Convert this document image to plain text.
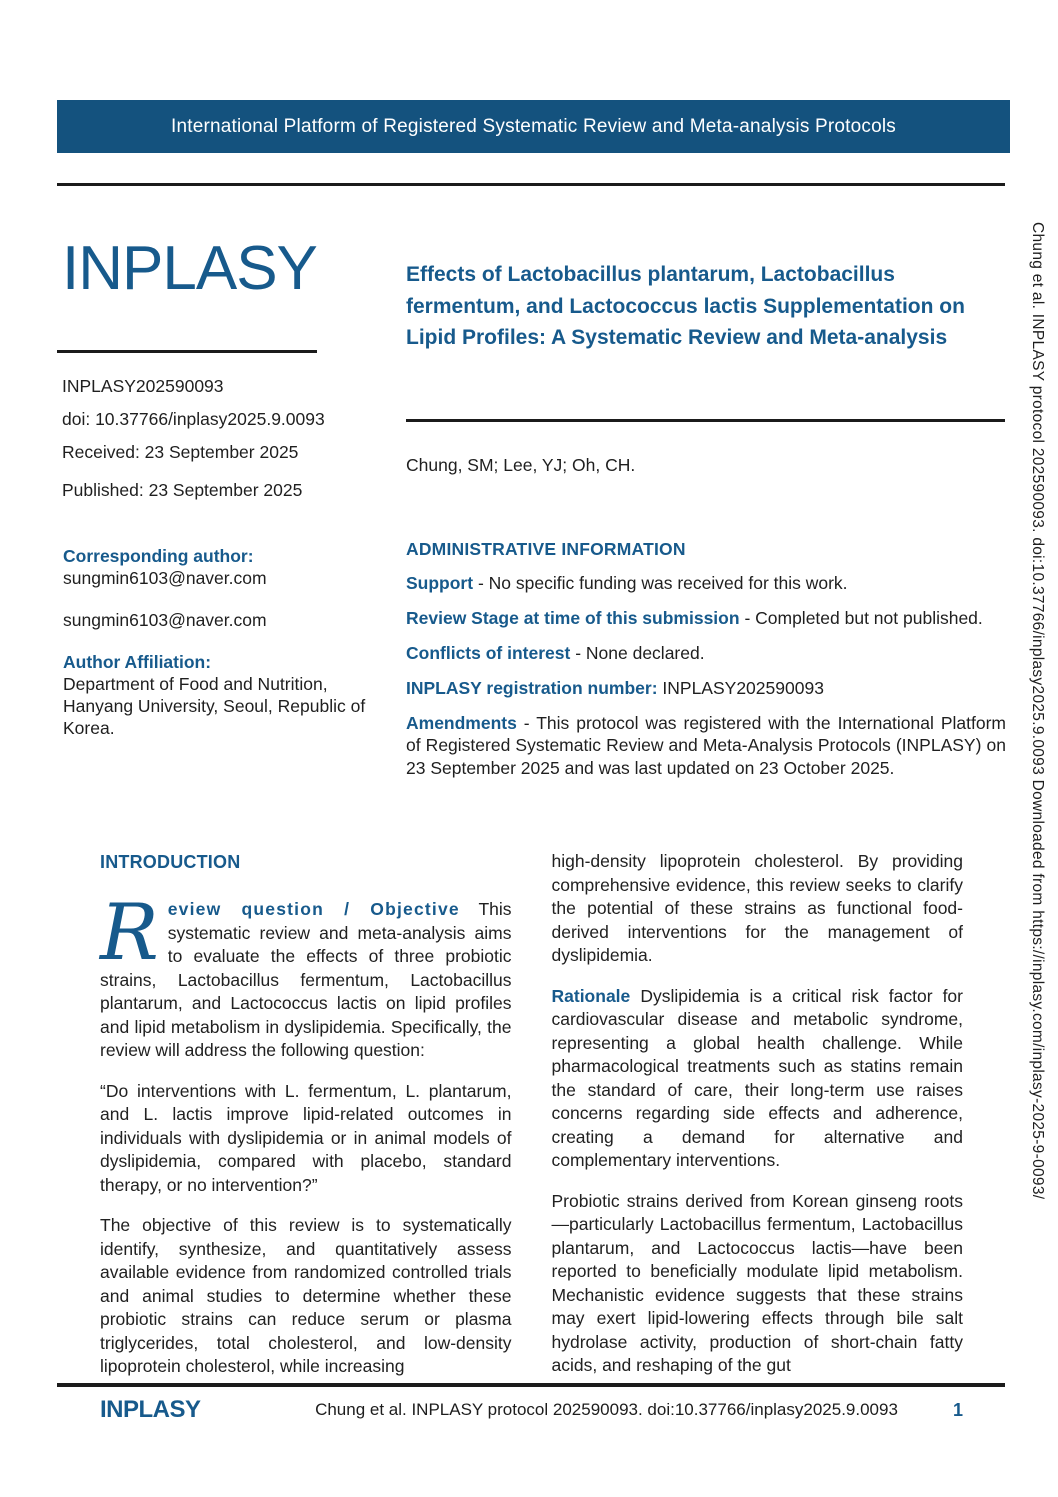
International Platform of Registered Systematic Review and Meta-analysis Protocols
INPLASY
INPLASY202590093
doi: 10.37766/inplasy2025.9.0093
Received: 23 September 2025
Published: 23 September 2025
Corresponding author:
sungmin6103@naver.com
sungmin6103@naver.com
Author Affiliation:
Department of Food and Nutrition, Hanyang University, Seoul, Republic of Korea.
Effects of Lactobacillus plantarum, Lactobacillus fermentum, and Lactococcus lactis Supplementation on Lipid Profiles: A Systematic Review and Meta-analysis
Chung, SM; Lee, YJ; Oh, CH.
ADMINISTRATIVE INFORMATION

Support - No specific funding was received for this work.

Review Stage at time of this submission - Completed but not published.

Conflicts of interest - None declared.

INPLASY registration number: INPLASY202590093

Amendments - This protocol was registered with the International Platform of Registered Systematic Review and Meta-Analysis Protocols (INPLASY) on 23 September 2025 and was last updated on 23 October 2025.

INTRODUCTION

Review question / Objective This systematic review and meta-analysis aims to evaluate the effects of three probiotic strains, Lactobacillus fermentum, Lactobacillus plantarum, and Lactococcus lactis on lipid profiles and lipid metabolism in dyslipidemia. Specifically, the review will address the following question:

“Do interventions with L. fermentum, L. plantarum, and L. lactis improve lipid-related outcomes in individuals with dyslipidemia or in animal models of dyslipidemia, compared with placebo, standard therapy, or no intervention?”

The objective of this review is to systematically identify, synthesize, and quantitatively assess available evidence from randomized controlled trials and animal studies to determine whether these probiotic strains can reduce serum or plasma triglycerides, total cholesterol, and low-density lipoprotein cholesterol, while increasing

high-density lipoprotein cholesterol. By providing comprehensive evidence, this review seeks to clarify the potential of these strains as functional food-derived interventions for the management of dyslipidemia.

Rationale Dyslipidemia is a critical risk factor for cardiovascular disease and metabolic syndrome, representing a global health challenge. While pharmacological treatments such as statins remain the standard of care, their long-term use raises concerns regarding side effects and adherence, creating a demand for alternative and complementary interventions.

Probiotic strains derived from Korean ginseng roots—particularly Lactobacillus fermentum, Lactobacillus plantarum, and Lactococcus lactis—have been reported to beneficially modulate lipid metabolism. Mechanistic evidence suggests that these strains may exert lipid-lowering effects through bile salt hydrolase activity, production of short-chain fatty acids, and reshaping of the gut

Chung et al. INPLASY protocol 202590093. doi:10.37766/inplasy2025.9.0093 Downloaded from https://inplasy.com/inplasy-2025-9-0093/
INPLASY	Chung et al. INPLASY protocol 202590093. doi:10.37766/inplasy2025.9.0093	1
